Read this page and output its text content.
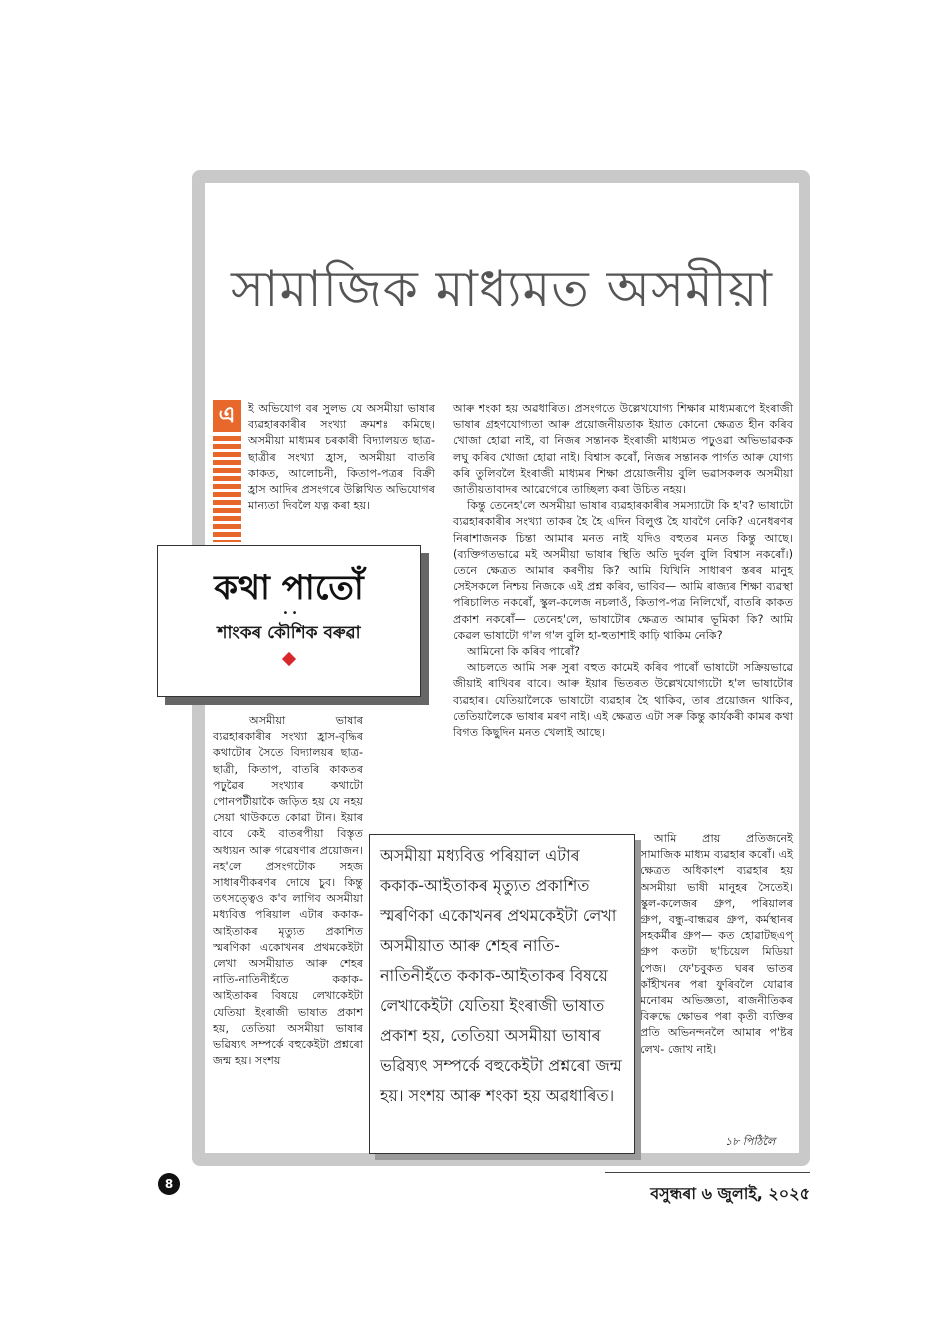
সামাজিক মাধ্যমত অসমীয়া
এ	ই অভিযোগ বৰ সুলভ যে অসমীয়া ভাষাৰ ব্যৱহাৰকাৰীৰ সংখ্যা ক্ৰমশঃ কমিছে। অসমীয়া মাধ্যমৰ চৰকাৰী বিদ্যালয়ত ছাত্ৰ-ছাত্ৰীৰ সংখ্যা হ্ৰাস, অসমীয়া বাতৰি কাকত, আলোচনী, কিতাপ-পত্ৰৰ বিক্ৰী হ্ৰাস আদিৰ প্ৰসংগৰে উল্লিখিত অভিযোগৰ মান্যতা দিবলৈ যত্ন কৰা হয়।

কথা পাতোঁ
• •
শাংকৰ কৌশিক বৰুৱা

অসমীয়া ভাষাৰ ব্যৱহাৰকাৰীৰ সংখ্যা হ্ৰাস-বৃদ্ধিৰ কথাটোৰ সৈতে বিদ্যালয়ৰ ছাত্ৰ-ছাত্ৰী, কিতাপ, বাতৰি কাকতৰ পঢ়ুৱৈৰ সংখ্যাৰ কথাটো পোনপটীয়াকৈ জড়িত হয় যে নহয় সেয়া থাউকতে কোৱা টান। ইয়াৰ বাবে কেই বাতৰপীয়া বিস্তৃত অধ্যয়ন আৰু গৱেষণাৰ প্ৰয়োজন। নহ'লে প্ৰসংগটোক সহজ সাধাৰণীকৰণৰ দোষে চুব। কিন্তু তৎসত্ত্বেও ক'ব লাগিব অসমীয়া মধ্যবিত্ত পৰিয়াল এটাৰ ককাক-আইতাকৰ মৃত্যুত প্ৰকাশিত স্মৰণিকা একোখনৰ প্ৰথমকেইটা লেখা অসমীয়াত আৰু শেহৰ নাতি-নাতিনীহঁতে ককাক-আইতাকৰ বিষয়ে লেখাকেইটা যেতিয়া ইংৰাজী ভাষাত প্ৰকাশ হয়, তেতিয়া অসমীয়া ভাষাৰ ভৱিষ্যৎ সম্পৰ্কে বহুকেইটা প্ৰশ্নৰো জন্ম হয়। সংশয়

আৰু শংকা হয় অৱধাৰিত। প্ৰসংগতে উল্লেখযোগ্য শিক্ষাৰ মাধ্যমৰূপে ইংৰাজী ভাষাৰ গ্ৰহণযোগ্যতা আৰু প্ৰয়োজনীয়তাক ইয়াত কোনো ক্ষেত্ৰত হীন কৰিব খোজা হোৱা নাই, বা নিজৰ সন্তানক ইংৰাজী মাধ্যমত পঢ়ুওৱা অভিভাৱকক লঘু কৰিব খোজা হোৱা নাই। বিশ্বাস কৰোঁ, নিজৰ সন্তানক পাৰ্গত আৰু যোগ্য কৰি তুলিবলৈ ইংৰাজী মাধ্যমৰ শিক্ষা প্ৰয়োজনীয় বুলি ভৱাসকলক অসমীয়া জাতীয়তাবাদৰ আৱেগেৰে তাচ্ছিল্য কৰা উচিত নহয়।

কিন্তু তেনেহ'লে অসমীয়া ভাষাৰ ব্যৱহাৰকাৰীৰ সমস্যাটো কি হ'ব? ভাষাটো ব্যৱহাৰকাৰীৰ সংখ্যা তাকৰ হৈ হৈ এদিন বিলুপ্ত হৈ যাবগৈ নেকি? এনেধৰণৰ নিৰাশাজনক চিন্তা আমাৰ মনত নাই যদিও বহুতৰ মনত কিন্তু আছে। (ব্যক্তিগতভাৱে মই অসমীয়া ভাষাৰ স্থিতি অতি দুৰ্বল বুলি বিশ্বাস নকৰোঁ।) তেনে ক্ষেত্ৰত আমাৰ কৰণীয় কি? আমি যিখিনি সাধাৰণ স্তৰৰ মানুহ সেইসকলে নিশ্চয় নিজকে এই প্ৰশ্ন কৰিব, ভাবিব— আমি ৰাজ্যৰ শিক্ষা ব্যৱস্থা পৰিচালিত নকৰোঁ, স্কুল-কলেজ নচলাওঁ, কিতাপ-পত্ৰ নিলিখোঁ, বাতৰি কাকত প্ৰকাশ নকৰোঁ— তেনেহ'লে, ভাষাটোৰ ক্ষেত্ৰত আমাৰ ভূমিকা কি? আমি কেৱল ভাষাটো গ'ল গ'ল বুলি হা-হুতাশাই কাঢ়ি থাকিম নেকি?

আমিনো কি কৰিব পাৰোঁ?

আচলতে আমি সৰু সুৰা বহুত কামেই কৰিব পাৰোঁ ভাষাটো সক্ৰিয়ভাৱে জীয়াই ৰাখিবৰ বাবে। আৰু ইয়াৰ ভিতৰত উল্লেখযোগ্যটো হ'ল ভাষাটোৰ ব্যৱহাৰ। যেতিয়ালৈকে ভাষাটো ব্যৱহাৰ হৈ থাকিব, তাৰ প্ৰয়োজন থাকিব, তেতিয়ালৈকে ভাষাৰ মৰণ নাই। এই ক্ষেত্ৰত এটা সৰু কিন্তু কাৰ্যকৰী কামৰ কথা বিগত কিছুদিন মনত খেলাই আছে।

আমি প্ৰায় প্ৰতিজনেই সামাজিক মাধ্যম ব্যৱহাৰ কৰোঁ। এই ক্ষেত্ৰত অধিকাংশ ব্যৱহাৰ হয় অসমীয়া ভাষী মানুহৰ সৈতেই। স্কুল-কলেজৰ গ্ৰুপ, পৰিয়ালৰ গ্ৰুপ, বন্ধু-বান্ধৱৰ গ্ৰুপ, কৰ্মস্থানৰ সহকৰ্মীৰ গ্ৰুপ— কত হোৱাটছএপ্ গ্ৰুপ কতটা ছ'চিয়েল মিডিয়া পেজ। ফে'চবুকত ঘৰৰ ভাতৰ কাঁহীখনৰ পৰা ফুৰিবলৈ যোৱাৰ মনোৰম অভিজ্ঞতা, ৰাজনীতিকৰ বিৰুদ্ধে ক্ষোভৰ পৰা কৃতী ব্যক্তিৰ প্ৰতি অভিনন্দনলৈ আমাৰ প'ষ্টৰ লেখ- জোখ নাই।

অসমীয়া মধ্যবিত্ত পৰিয়াল এটাৰ ককাক-আইতাকৰ মৃত্যুত প্ৰকাশিত স্মৰণিকা একোখনৰ প্ৰথমকেইটা লেখা অসমীয়াত আৰু শেহৰ নাতি-নাতিনীহঁতে ককাক-আইতাকৰ বিষয়ে লেখাকেইটা যেতিয়া ইংৰাজী ভাষাত প্ৰকাশ হয়, তেতিয়া অসমীয়া ভাষাৰ ভৱিষ্যৎ সম্পৰ্কে বহুকেইটা প্ৰশ্নৰো জন্ম হয়। সংশয় আৰু শংকা হয় অৱধাৰিত।
১৮ পিঠিলৈ
8	বসুন্ধৰা ৬ জুলাই, ২০২৫
